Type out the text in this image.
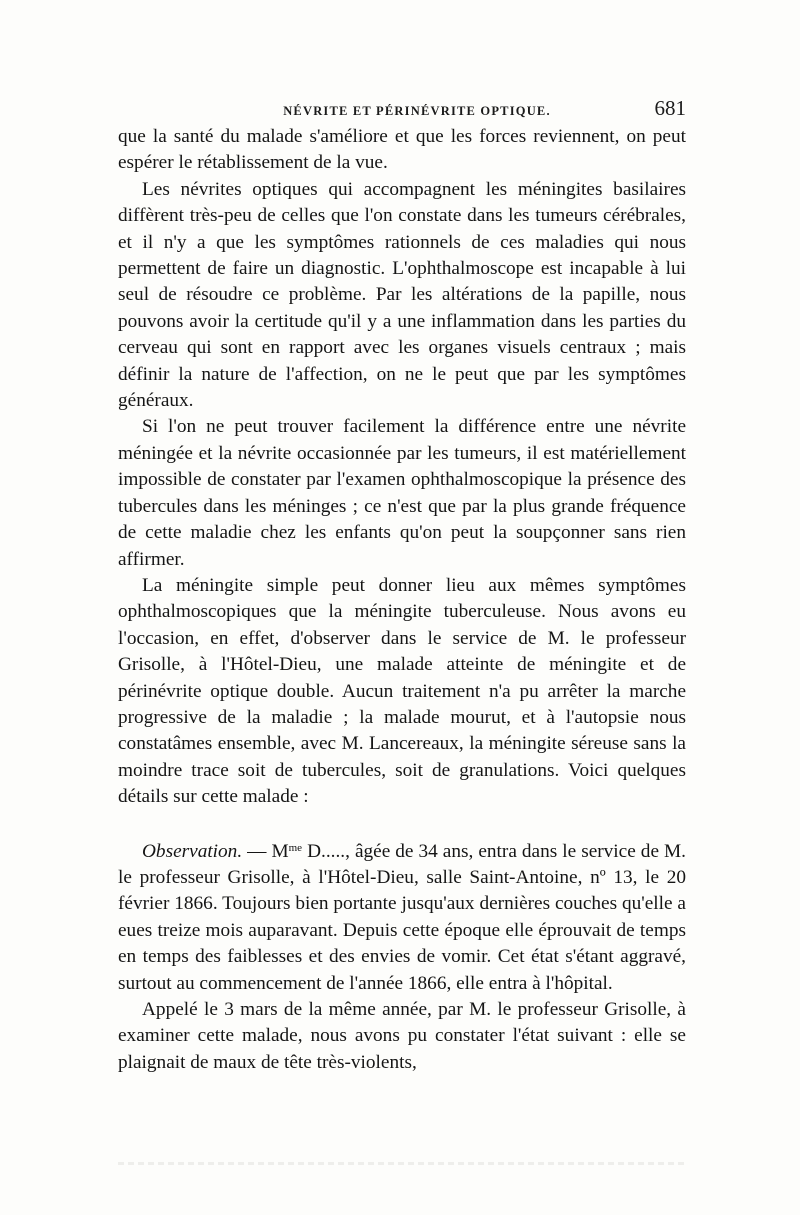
NÉVRITE ET PÉRINÉVRITE OPTIQUE.	681

que la santé du malade s'améliore et que les forces reviennent, on peut espérer le rétablissement de la vue.

Les névrites optiques qui accompagnent les méningites basilaires diffèrent très-peu de celles que l'on constate dans les tumeurs cérébrales, et il n'y a que les symptômes rationnels de ces maladies qui nous permettent de faire un diagnostic. L'ophthalmoscope est incapable à lui seul de résoudre ce problème. Par les altérations de la papille, nous pouvons avoir la certitude qu'il y a une inflammation dans les parties du cerveau qui sont en rapport avec les organes visuels centraux ; mais définir la nature de l'affection, on ne le peut que par les symptômes généraux.

Si l'on ne peut trouver facilement la différence entre une névrite méningée et la névrite occasionnée par les tumeurs, il est matériellement impossible de constater par l'examen ophthalmoscopique la présence des tubercules dans les méninges ; ce n'est que par la plus grande fréquence de cette maladie chez les enfants qu'on peut la soupçonner sans rien affirmer.

La méningite simple peut donner lieu aux mêmes symptômes ophthalmoscopiques que la méningite tuberculeuse. Nous avons eu l'occasion, en effet, d'observer dans le service de M. le professeur Grisolle, à l'Hôtel-Dieu, une malade atteinte de méningite et de périnévrite optique double. Aucun traitement n'a pu arrêter la marche progressive de la maladie ; la malade mourut, et à l'autopsie nous constatâmes ensemble, avec M. Lancereaux, la méningite séreuse sans la moindre trace soit de tubercules, soit de granulations. Voici quelques détails sur cette malade :

Observation. — $M^{me}$ D....., âgée de 34 ans, entra dans le service de M. le professeur Grisolle, à l'Hôtel-Dieu, salle Saint-Antoine, nº 13, le 20 février 1866. Toujours bien portante jusqu'aux dernières couches qu'elle a eues treize mois auparavant. Depuis cette époque elle éprouvait de temps en temps des faiblesses et des envies de vomir. Cet état s'étant aggravé, surtout au commencement de l'année 1866, elle entra à l'hôpital.

Appelé le 3 mars de la même année, par M. le professeur Grisolle, à examiner cette malade, nous avons pu constater l'état suivant : elle se plaignait de maux de tête très-violents,
